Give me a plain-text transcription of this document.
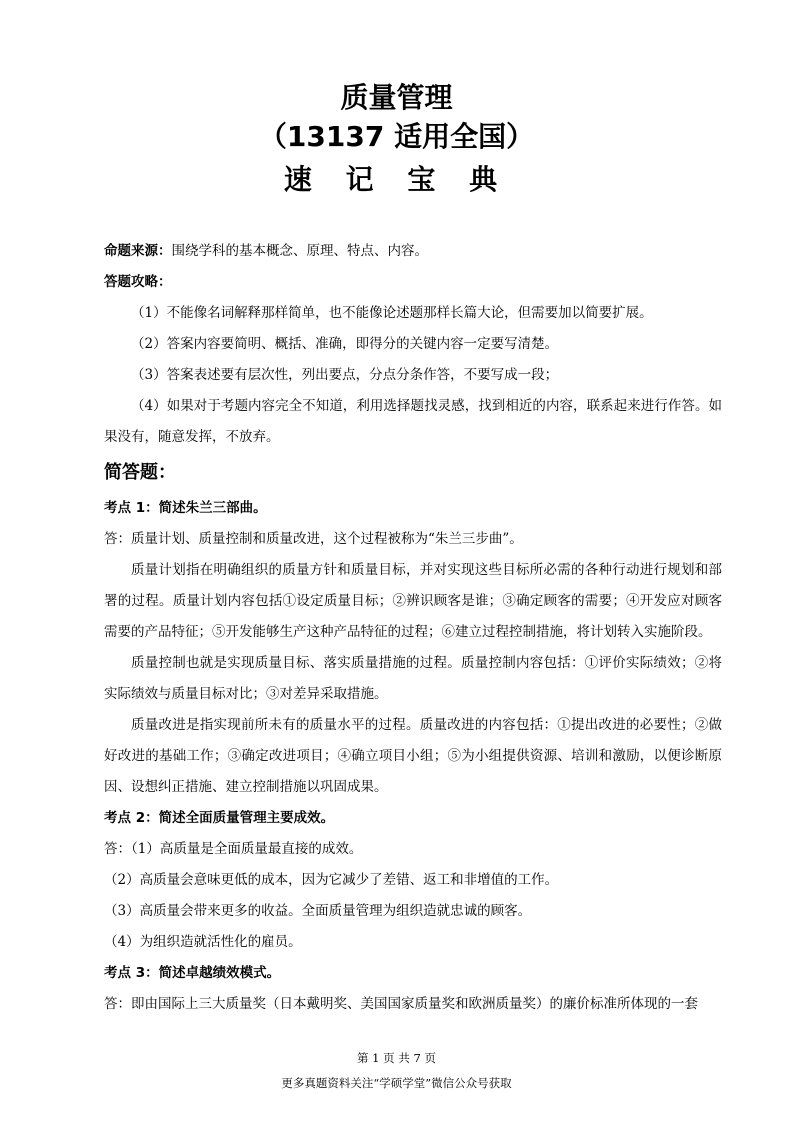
质量管理
（13137 适用全国）
速 记 宝 典

命题来源：围绕学科的基本概念、原理、特点、内容。

答题攻略：

（1）不能像名词解释那样简单，也不能像论述题那样长篇大论，但需要加以简要扩展。

（2）答案内容要简明、概括、准确，即得分的关键内容一定要写清楚。

（3）答案表述要有层次性，列出要点，分点分条作答，不要写成一段；

（4）如果对于考题内容完全不知道，利用选择题找灵感，找到相近的内容，联系起来进行作答。如果没有，随意发挥，不放弃。

简答题：

考点 1：简述朱兰三部曲。

答：质量计划、质量控制和质量改进，这个过程被称为“朱兰三步曲”。

质量计划指在明确组织的质量方针和质量目标，并对实现这些目标所必需的各种行动进行规划和部署的过程。质量计划内容包括①设定质量目标；②辨识顾客是谁；③确定顾客的需要；④开发应对顾客需要的产品特征；⑤开发能够生产这种产品特征的过程；⑥建立过程控制措施，将计划转入实施阶段。

质量控制也就是实现质量目标、落实质量措施的过程。质量控制内容包括：①评价实际绩效；②将实际绩效与质量目标对比；③对差异采取措施。

质量改进是指实现前所未有的质量水平的过程。质量改进的内容包括：①提出改进的必要性；②做好改进的基础工作；③确定改进项目；④确立项目小组；⑤为小组提供资源、培训和激励，以便诊断原因、设想纠正措施、建立控制措施以巩固成果。

考点 2：简述全面质量管理主要成效。

答：（1）高质量是全面质量最直接的成效。

（2）高质量会意味更低的成本，因为它减少了差错、返工和非增值的工作。

（3）高质量会带来更多的收益。全面质量管理为组织造就忠诚的顾客。

（4）为组织造就活性化的雇员。

考点 3：简述卓越绩效模式。

答：即由国际上三大质量奖（日本戴明奖、美国国家质量奖和欧洲质量奖）的廉价标准所体现的一套

第 1 页 共 7 页
更多真题资料关注“学硕学堂”微信公众号获取
